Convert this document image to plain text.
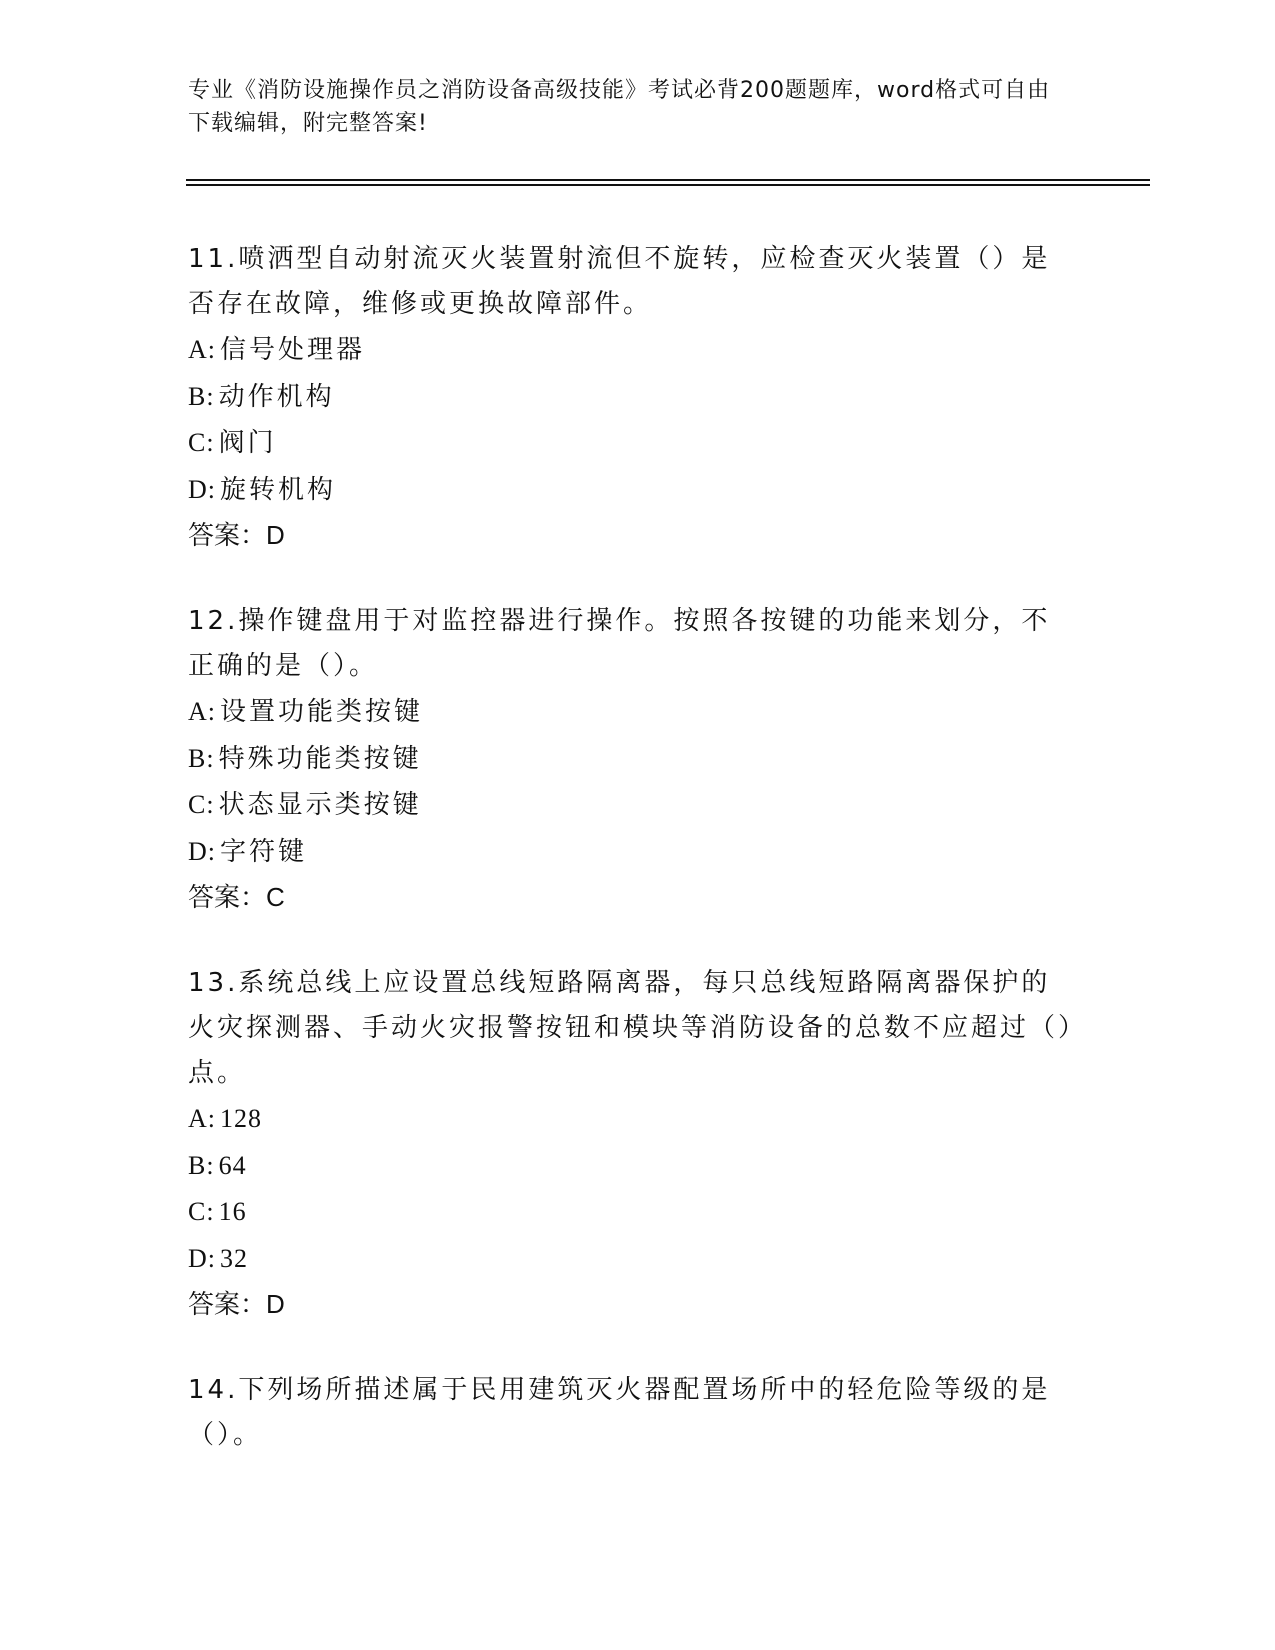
专业《消防设施操作员之消防设备高级技能》考试必背200题题库，word格式可自由下载编辑，附完整答案!

11.喷洒型自动射流灭火装置射流但不旋转，应检查灭火装置（）是否存在故障，维修或更换故障部件。

A: 信号处理器
B: 动作机构
C: 阀门
D: 旋转机构
答案：D

12.操作键盘用于对监控器进行操作。按照各按键的功能来划分，不正确的是（）。

A: 设置功能类按键
B: 特殊功能类按键
C: 状态显示类按键
D: 字符键
答案：C

13.系统总线上应设置总线短路隔离器，每只总线短路隔离器保护的火灾探测器、手动火灾报警按钮和模块等消防设备的总数不应超过（）点。

A: 128
B: 64
C: 16
D: 32
答案：D

14.下列场所描述属于民用建筑灭火器配置场所中的轻危险等级的是（）。
